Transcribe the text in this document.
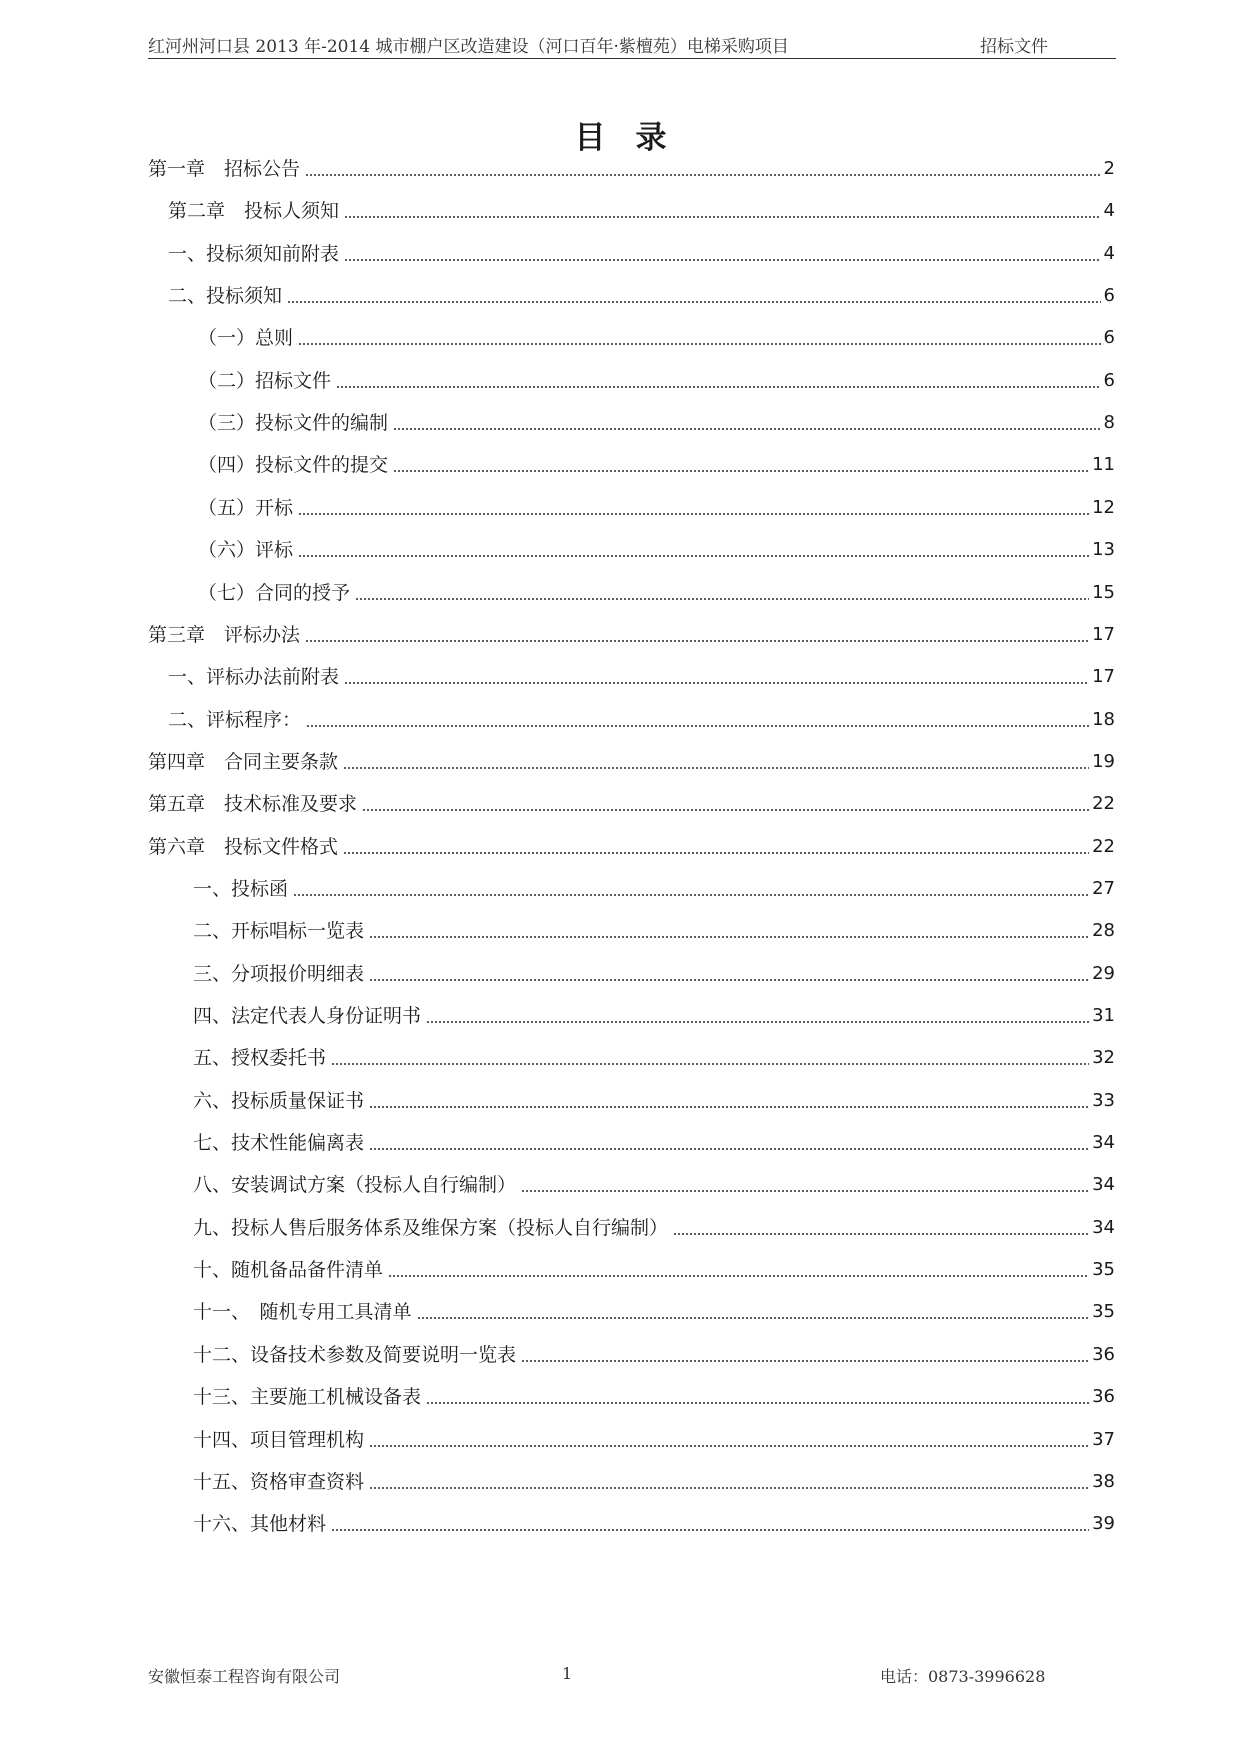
红河州河口县 2013 年-2014 城市棚户区改造建设（河口百年·紫檀苑）电梯采购项目	招标文件
目 录
第一章　招标公告	2
第二章　投标人须知	4
一、投标须知前附表	4
二、投标须知	6
（一）总则	6
（二）招标文件	6
（三）投标文件的编制	8
（四）投标文件的提交	11
（五）开标	12
（六）评标	13
（七）合同的授予	15
第三章　评标办法	17
一、评标办法前附表	17
二、评标程序：	18
第四章　合同主要条款	19
第五章　技术标准及要求	22
第六章　投标文件格式	22
一、投标函	27
二、开标唱标一览表	28
三、分项报价明细表	29
四、法定代表人身份证明书	31
五、授权委托书	32
六、投标质量保证书	33
七、技术性能偏离表	34
八、安装调试方案（投标人自行编制）	34
九、投标人售后服务体系及维保方案（投标人自行编制）	34
十、随机备品备件清单	35
十一、　随机专用工具清单	35
十二、设备技术参数及简要说明一览表	36
十三、主要施工机械设备表	36
十四、项目管理机构	37
十五、资格审查资料	38
十六、其他材料	39
安徽恒泰工程咨询有限公司	1	电话：0873-3996628
